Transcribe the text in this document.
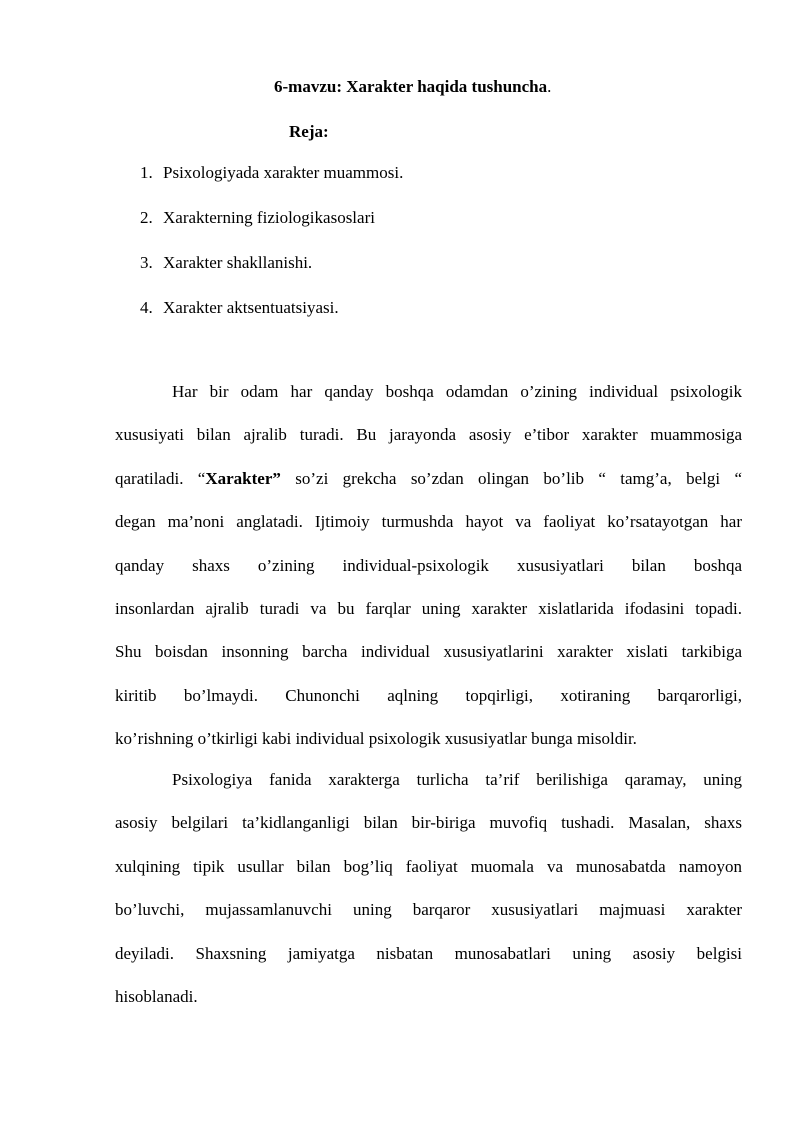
6-mavzu: Xarakter haqida tushuncha.
Reja:
1. Psixologiyada xarakter muammosi.
2. Xarakterning fiziologikasoslari
3. Xarakter shakllanishi.
4. Xarakter aktsentuatsiyasi.
Har bir odam har qanday boshqa odamdan o’zining individual psixologik
xususiyati bilan ajralib turadi. Bu jarayonda asosiy e’tibor xarakter muammosiga
qaratiladi. “Xarakter” so’zi grekcha so’zdan olingan bo’lib “ tamg’a, belgi “
degan ma’noni anglatadi. Ijtimoiy turmushda hayot va faoliyat ko’rsatayotgan har
qanday shaxs o’zining individual-psixologik xususiyatlari bilan boshqa
insonlardan ajralib turadi va bu farqlar uning xarakter xislatlarida ifodasini topadi.
Shu boisdan insonning barcha individual xususiyatlarini xarakter xislati tarkibiga
kiritib bo’lmaydi. Chunonchi aqlning topqirligi, xotiraning barqarorligi,
ko’rishning o’tkirligi kabi individual psixologik xususiyatlar bunga misoldir.
Psixologiya fanida xarakterga turlicha ta’rif berilishiga qaramay, uning
asosiy belgilari ta’kidlanganligi bilan bir-biriga muvofiq tushadi. Masalan, shaxs
xulqining tipik usullar bilan bog’liq faoliyat muomala va munosabatda namoyon
bo’luvchi, mujassamlanuvchi uning barqaror xususiyatlari majmuasi xarakter
deyiladi. Shaxsning jamiyatga nisbatan munosabatlari uning asosiy belgisi
hisoblanadi.
